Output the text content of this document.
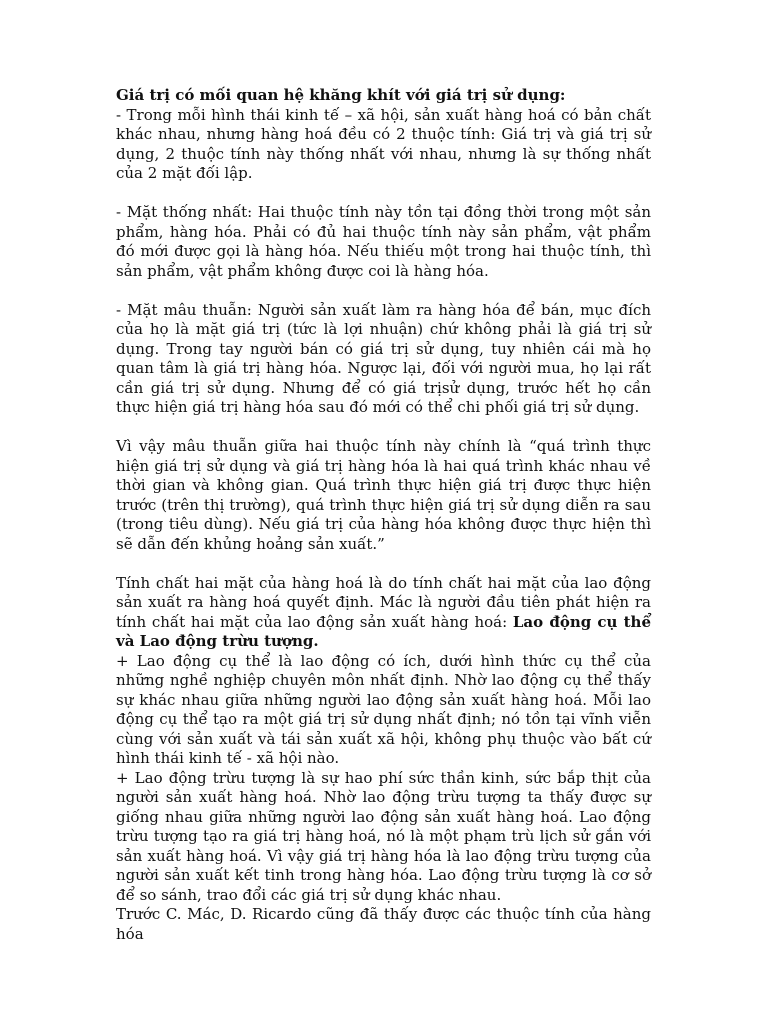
Giá trị có mối quan hệ khăng khít với giá trị sử dụng:

- Trong mỗi hình thái kinh tế – xã hội, sản xuất hàng hoá có bản chất khác nhau, nhưng hàng hoá đều có 2 thuộc tính: Giá trị và giá trị sử dụng, 2 thuộc tính này thống nhất với nhau, nhưng là sự thống nhất của 2 mặt đối lập.

- Mặt thống nhất: Hai thuộc tính này tồn tại đồng thời trong một sản phẩm, hàng hóa. Phải có đủ hai thuộc tính này sản phẩm, vật phẩm đó mới được gọi là hàng hóa. Nếu thiếu một trong hai thuộc tính, thì sản phẩm, vật phẩm không được coi là hàng hóa.

- Mặt mâu thuẫn: Người sản xuất làm ra hàng hóa để bán, mục đích của họ là mặt giá trị (tức là lợi nhuận) chứ không phải là giá trị sử dụng. Trong tay người bán có giá trị sử dụng, tuy nhiên cái mà họ quan tâm là giá trị hàng hóa. Ngược lại, đối với người mua, họ lại rất cần giá trị sử dụng. Nhưng để có giá trịsử dụng, trước hết họ cần thực hiện giá trị hàng hóa sau đó mới có thể chi phối giá trị sử dụng.

Vì vậy mâu thuẫn giữa hai thuộc tính này chính là “quá trình thực hiện giá trị sử dụng và giá trị hàng hóa là hai quá trình khác nhau về thời gian và không gian. Quá trình thực hiện giá trị được thực hiện trước (trên thị trường), quá trình thực hiện giá trị sử dụng diễn ra sau (trong tiêu dùng). Nếu giá trị của hàng hóa không được thực hiện thì sẽ dẫn đến khủng hoảng sản xuất.”

Tính chất hai mặt của hàng hoá là do tính chất hai mặt của lao động sản xuất ra hàng hoá quyết định. Mác là người đầu tiên phát hiện ra tính chất hai mặt của lao động sản xuất hàng hoá: Lao động cụ thể và Lao động trừu tượng.

+ Lao động cụ thể là lao động có ích, dưới hình thức cụ thể của những nghề nghiệp chuyên môn nhất định. Nhờ lao động cụ thể thấy sự khác nhau giữa những người lao động sản xuất hàng hoá. Mỗi lao động cụ thể tạo ra một giá trị sử dụng nhất định; nó tồn tại vĩnh viễn cùng với sản xuất và tái sản xuất xã hội, không phụ thuộc vào bất cứ hình thái kinh tế - xã hội nào.

+ Lao động trừu tượng là sự hao phí sức thần kinh, sức bắp thịt của người sản xuất hàng hoá. Nhờ lao động trừu tượng ta thấy được sự giống nhau giữa những người lao động sản xuất hàng hoá. Lao động trừu tượng tạo ra giá trị hàng hoá, nó là một phạm trù lịch sử gắn với sản xuất hàng hoá. Vì vậy giá trị hàng hóa là lao động trừu tượng của người sản xuất kết tinh trong hàng hóa. Lao động trừu tượng là cơ sở để so sánh, trao đổi các giá trị sử dụng khác nhau.

Trước C. Mác, D. Ricardo cũng đã thấy được các thuộc tính của hàng hóa
